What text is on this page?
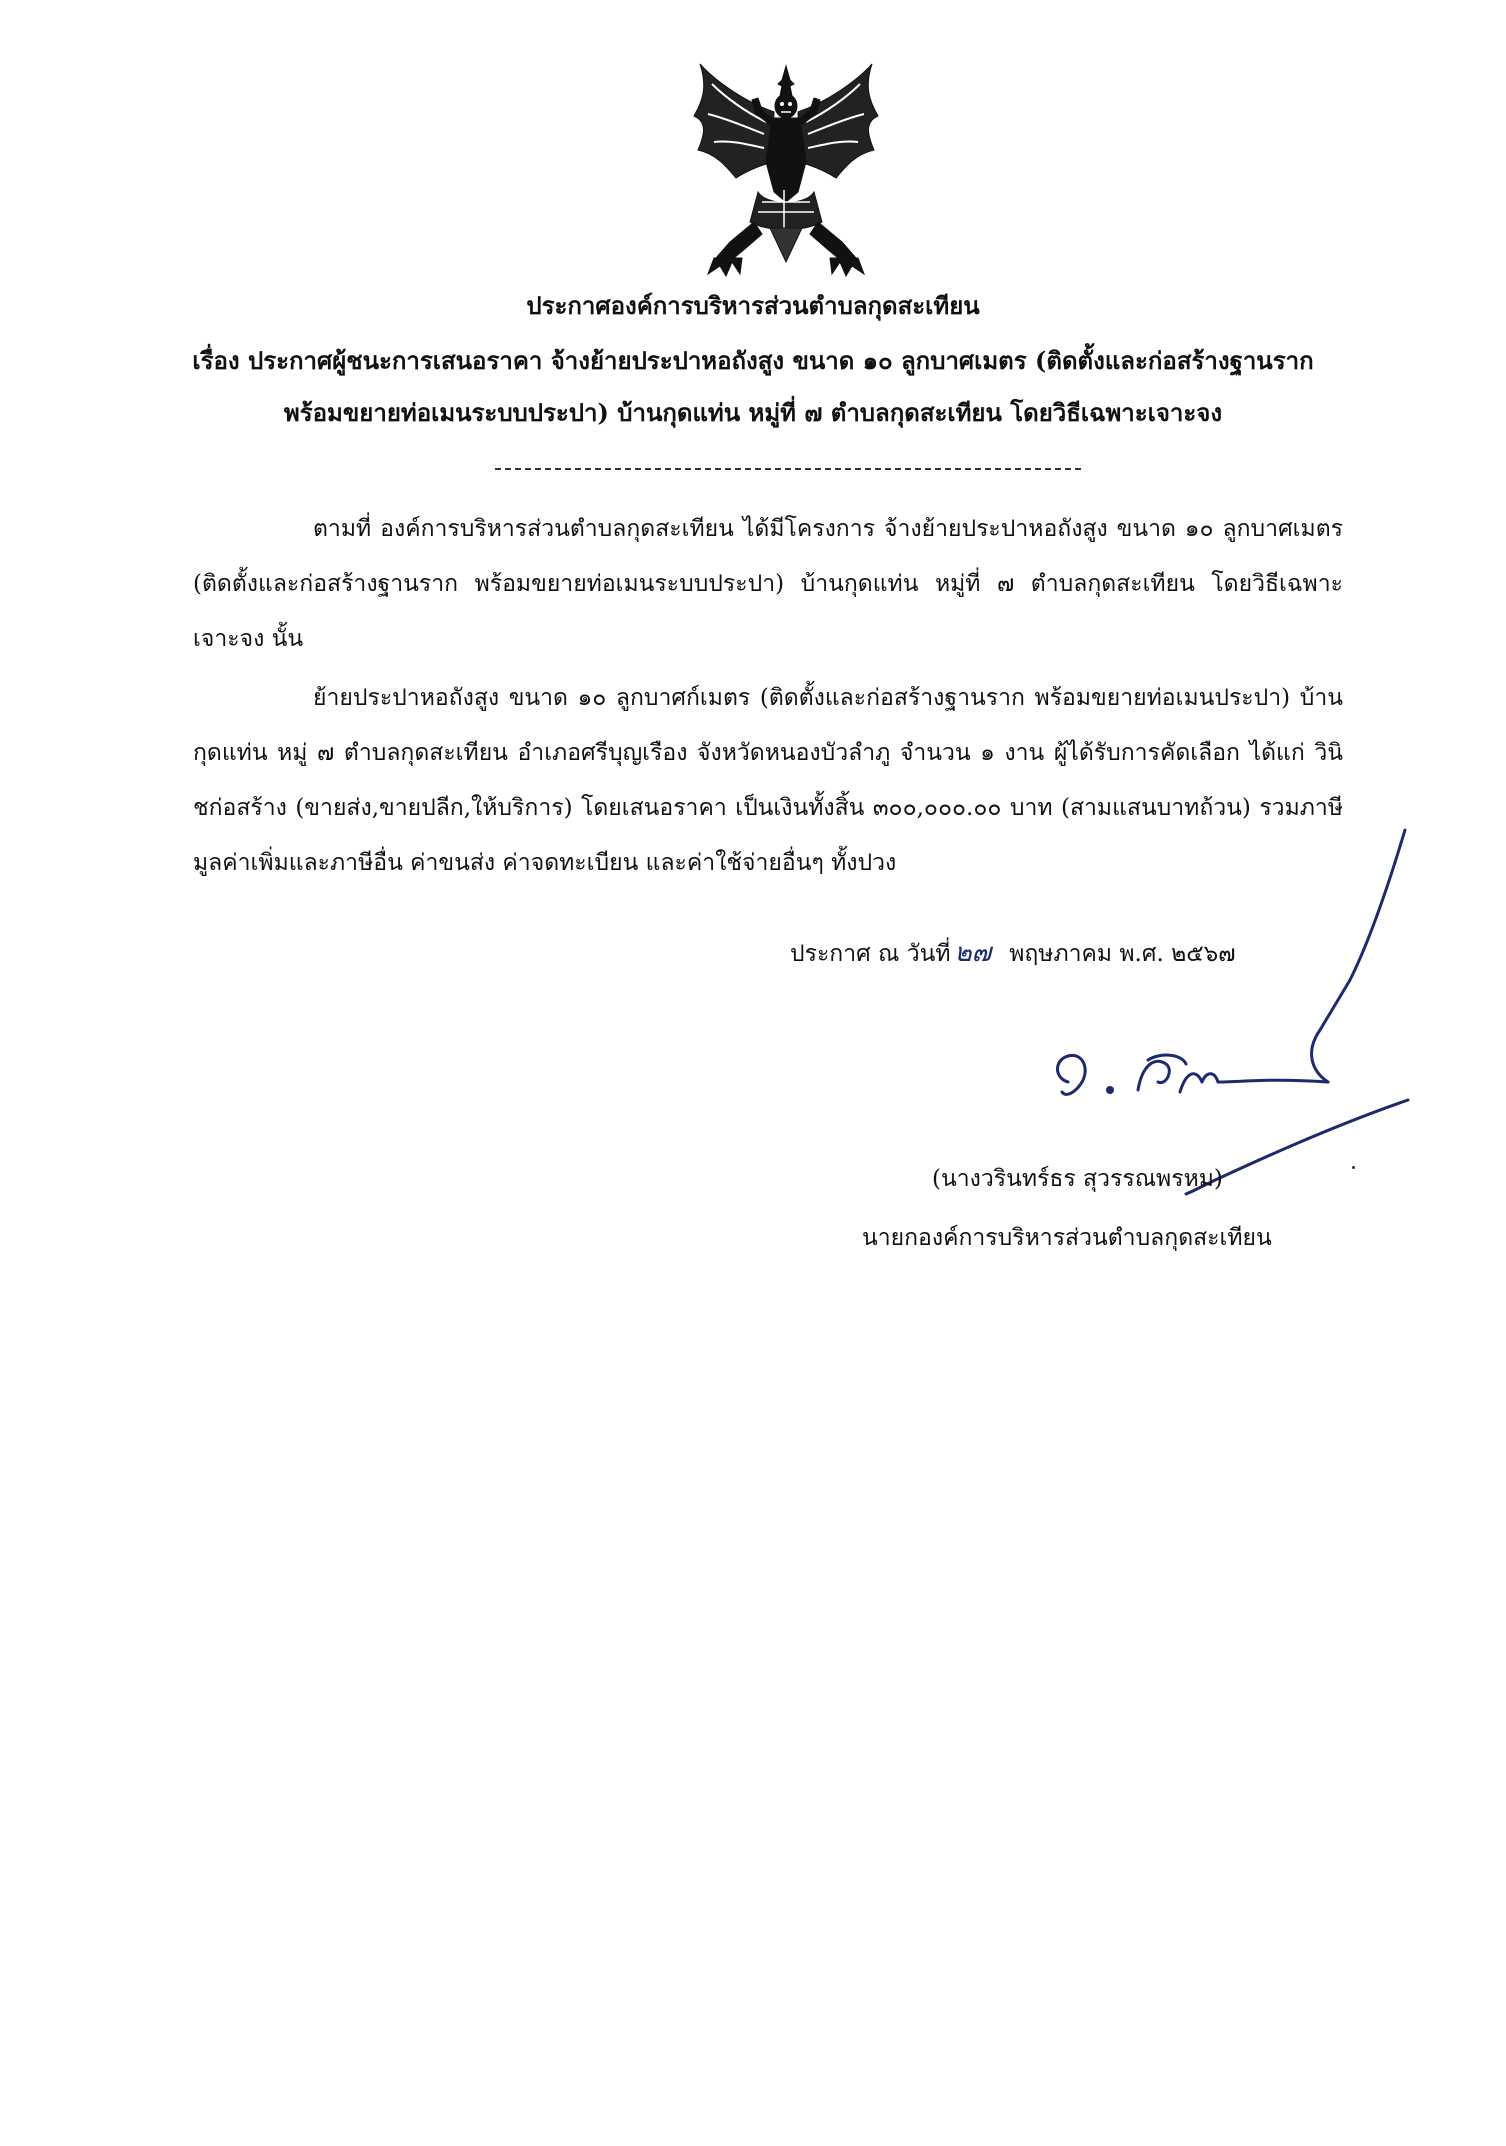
ประกาศองค์การบริหารส่วนตำบลกุดสะเทียน
เรื่อง ประกาศผู้ชนะการเสนอราคา จ้างย้ายประปาหอถังสูง ขนาด ๑๐ ลูกบาศเมตร (ติดตั้งและก่อสร้างฐานราก
พร้อมขยายท่อเมนระบบประปา) บ้านกุดแท่น หมู่ที่ ๗ ตำบลกุดสะเทียน โดยวิธีเฉพาะเจาะจง
ตามที่ องค์การบริหารส่วนตำบลกุดสะเทียน ได้มีโครงการ จ้างย้ายประปาหอถังสูง ขนาด ๑๐ ลูกบาศเมตร (ติดตั้งและก่อสร้างฐานราก พร้อมขยายท่อเมนระบบประปา) บ้านกุดแท่น หมู่ที่ ๗ ตำบลกุดสะเทียน โดยวิธีเฉพาะเจาะจง นั้น
ย้ายประปาหอถังสูง ขนาด ๑๐ ลูกบาศก์เมตร (ติดตั้งและก่อสร้างฐานราก พร้อมขยายท่อเมนประปา) บ้านกุดแท่น หมู่ ๗ ตำบลกุดสะเทียน อำเภอศรีบุญเรือง จังหวัดหนองบัวลำภู จำนวน ๑ งาน ผู้ได้รับการคัดเลือก ได้แก่ วินิชก่อสร้าง (ขายส่ง,ขายปลีก,ให้บริการ) โดยเสนอราคา เป็นเงินทั้งสิ้น ๓๐๐,๐๐๐.๐๐ บาท (สามแสนบาทถ้วน) รวมภาษีมูลค่าเพิ่มและภาษีอื่น ค่าขนส่ง ค่าจดทะเบียน และค่าใช้จ่ายอื่นๆ ทั้งปวง
ประกาศ ณ วันที่ ๒๗ พฤษภาคม พ.ศ. ๒๕๖๗
(นางวรินทร์ธร สุวรรณพรหม)
นายกองค์การบริหารส่วนตำบลกุดสะเทียน
